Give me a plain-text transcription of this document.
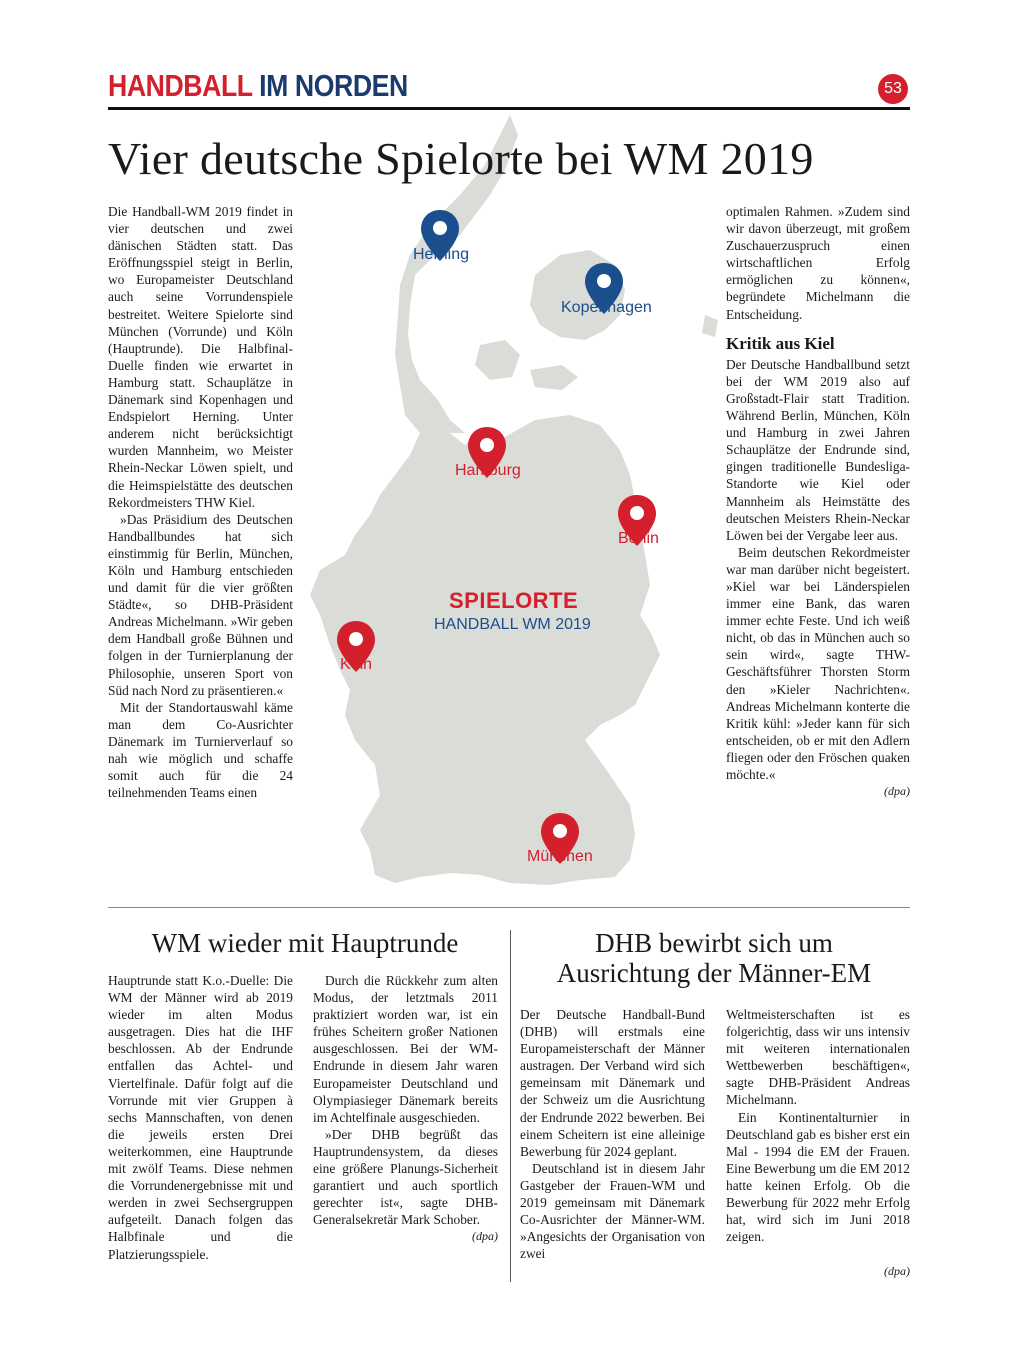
HANDBALL IM NORDEN	53
Herning
Kopenhagen
Hamburg
Berlin
Köln
München
SPIELORTE
HANDBALL WM 2019
Vier deutsche Spielorte bei WM 2019

Die Handball-WM 2019 findet in vier deutschen und zwei dänischen Städten statt. Das Eröffnungsspiel steigt in Berlin, wo Europameister Deutschland auch seine Vorrundenspiele bestreitet. Weitere Spielorte sind München (Vorrunde) und Köln (Hauptrunde). Die Halbfinal-Duelle finden wie erwartet in Hamburg statt. Schauplätze in Dänemark sind Kopenhagen und Endspielort Herning. Unter anderem nicht berücksichtigt wurden Mannheim, wo Meister Rhein-Neckar Löwen spielt, und die Heimspielstätte des deutschen Rekordmeisters THW Kiel.

»Das Präsidium des Deutschen Handballbundes hat sich einstimmig für Berlin, München, Köln und Hamburg entschieden und damit für die vier größten Städte«, so DHB-Präsident Andreas Michelmann. »Wir geben dem Handball große Bühnen und folgen in der Turnierplanung der Philosophie, unseren Sport von Süd nach Nord zu präsentieren.«

Mit der Standortauswahl käme man dem Co-Ausrichter Dänemark im Turnierverlauf so nah wie möglich und schaffe somit auch für die 24 teilnehmenden Teams einen

optimalen Rahmen. »Zudem sind wir davon überzeugt, mit großem Zuschauerzuspruch einen wirtschaftlichen Erfolg ermöglichen zu können«, begründete Michelmann die Entscheidung.

Kritik aus Kiel

Der Deutsche Handballbund setzt bei der WM 2019 also auf Großstadt-Flair statt Tradition. Während Berlin, München, Köln und Hamburg in zwei Jahren Schauplätze der Endrunde sind, gingen traditionelle Bundesliga-Standorte wie Kiel oder Mannheim als Heimstätte des deutschen Meisters Rhein-Neckar Löwen bei der Vergabe leer aus.

Beim deutschen Rekordmeister war man darüber nicht begeistert. »Kiel war bei Länderspielen immer eine Bank, das waren immer echte Feste. Und ich weiß nicht, ob das in München auch so sein wird«, sagte THW-Geschäftsführer Thorsten Storm den »Kieler Nachrichten«. Andreas Michelmann konterte die Kritik kühl: »Jeder kann für sich entscheiden, ob er mit den Adlern fliegen oder den Fröschen quaken möchte.«

(dpa)
WM wieder mit Hauptrunde

Hauptrunde statt K.o.-Duelle: Die WM der Männer wird ab 2019 wieder im alten Modus ausgetragen. Dies hat die IHF beschlossen. Ab der Endrunde entfallen das Achtel- und Viertelfinale. Dafür folgt auf die Vorrunde mit vier Gruppen à sechs Mannschaften, von denen die jeweils ersten Drei weiterkommen, eine Hauptrunde mit zwölf Teams. Diese nehmen die Vorrundenergebnisse mit und werden in zwei Sechsergruppen aufgeteilt. Danach folgen das Halbfinale und die Platzierungsspiele.

Durch die Rückkehr zum alten Modus, der letztmals 2011 praktiziert worden war, ist ein frühes Scheitern großer Nationen ausgeschlossen. Bei der WM-Endrunde in diesem Jahr waren Europameister Deutschland und Olympiasieger Dänemark bereits im Achtelfinale ausgeschieden.

»Der DHB begrüßt das Hauptrundensystem, da dieses eine größere Planungs-Sicherheit garantiert und auch sportlich gerechter ist«, sagte DHB-Generalsekretär Mark Schober.

(dpa)
DHB bewirbt sich um
Ausrichtung der Männer-EM

Der Deutsche Handball-Bund (DHB) will erstmals eine Europameisterschaft der Männer austragen. Der Verband wird sich gemeinsam mit Dänemark und der Schweiz um die Ausrichtung der Endrunde 2022 bewerben. Bei einem Scheitern ist eine alleinige Bewerbung für 2024 geplant.

Deutschland ist in diesem Jahr Gastgeber der Frauen-WM und 2019 gemeinsam mit Dänemark Co-Ausrichter der Männer-WM. »Angesichts der Organisation von zwei

Weltmeisterschaften ist es folgerichtig, dass wir uns intensiv mit weiteren internationalen Wettbewerben beschäftigen«, sagte DHB-Präsident Andreas Michelmann.

Ein Kontinentalturnier in Deutschland gab es bisher erst ein Mal - 1994 die EM der Frauen. Eine Bewerbung um die EM 2012 hatte keinen Erfolg. Ob die Bewerbung für 2022 mehr Erfolg hat, wird sich im Juni 2018 zeigen.

(dpa)
